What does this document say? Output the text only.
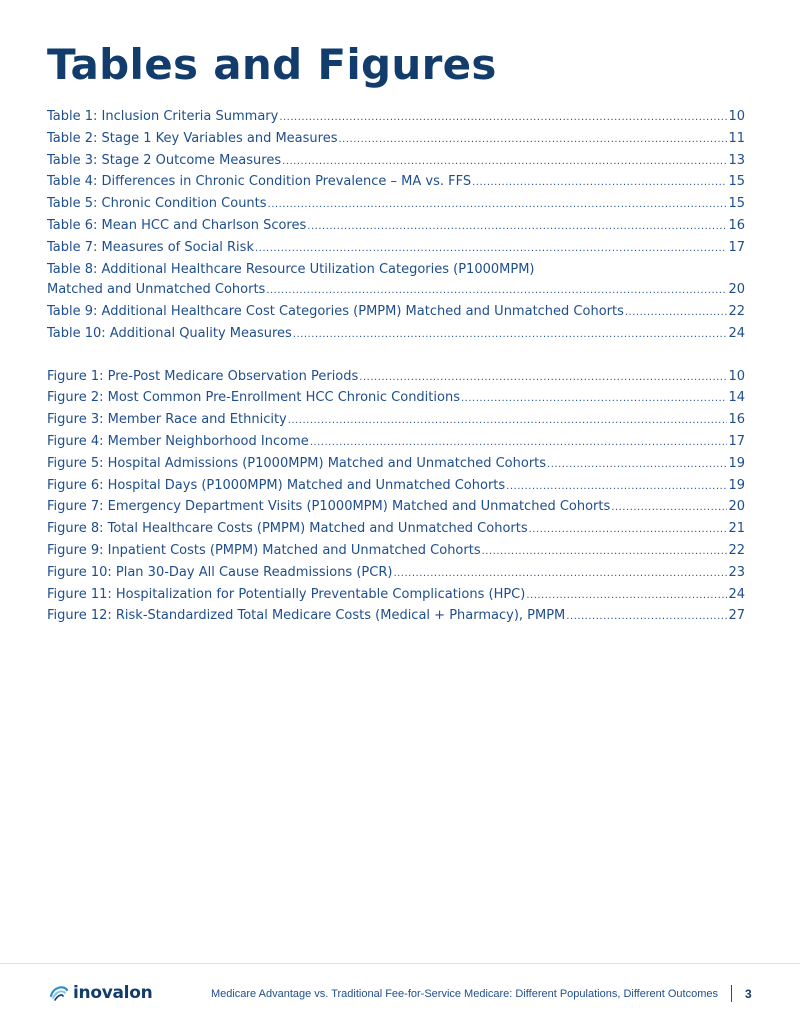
Tables and Figures
Table 1: Inclusion Criteria Summary .....	10
Table 2: Stage 1 Key Variables and Measures .....	11
Table 3: Stage 2 Outcome Measures .....	13
Table 4: Differences in Chronic Condition Prevalence – MA vs. FFS .....	15
Table 5: Chronic Condition Counts .....	15
Table 6: Mean HCC and Charlson Scores .....	16
Table 7: Measures of Social Risk .....	17
Table 8: Additional Healthcare Resource Utilization Categories (P1000MPM)
Matched and Unmatched Cohorts .....	20
Table 9: Additional Healthcare Cost Categories (PMPM) Matched and Unmatched Cohorts .....	22
Table 10: Additional Quality Measures .....	24
Figure 1: Pre-Post Medicare Observation Periods .....	10
Figure 2: Most Common Pre-Enrollment HCC Chronic Conditions .....	14
Figure 3: Member Race and Ethnicity .....	16
Figure 4: Member Neighborhood Income .....	17
Figure 5: Hospital Admissions (P1000MPM) Matched and Unmatched Cohorts .....	19
Figure 6: Hospital Days (P1000MPM) Matched and Unmatched Cohorts .....	19
Figure 7: Emergency Department Visits (P1000MPM) Matched and Unmatched Cohorts .....	20
Figure 8: Total Healthcare Costs (PMPM) Matched and Unmatched Cohorts .....	21
Figure 9: Inpatient Costs (PMPM) Matched and Unmatched Cohorts .....	22
Figure 10: Plan 30-Day All Cause Readmissions (PCR) .....	23
Figure 11: Hospitalization for Potentially Preventable Complications (HPC) .....	24
Figure 12: Risk-Standardized Total Medicare Costs (Medical + Pharmacy), PMPM .....	27
inovalon	Medicare Advantage vs. Traditional Fee-for-Service Medicare: Different Populations, Different Outcomes 3
